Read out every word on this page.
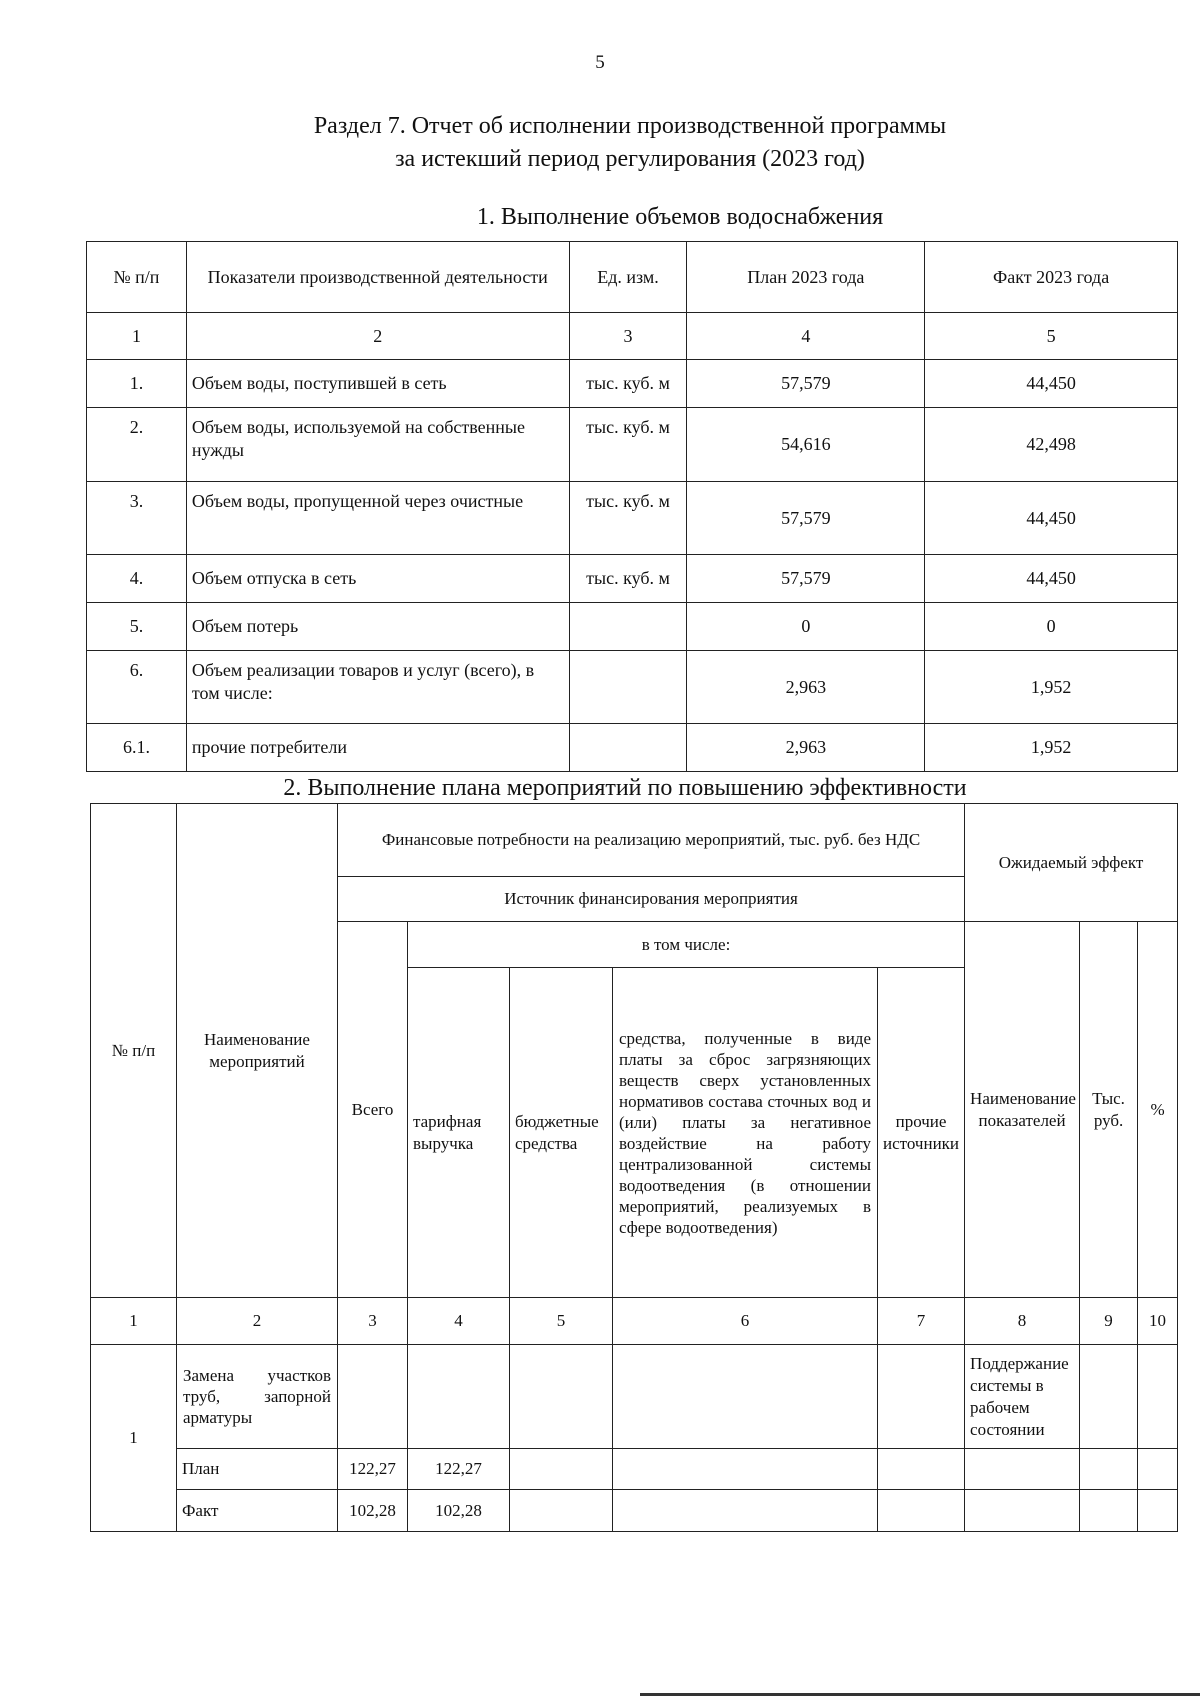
5
Раздел 7. Отчет об исполнении производственной программы
за истекший период регулирования (2023 год)
1. Выполнение объемов водоснабжения
№ п/п	Показатели производственной деятельности	Ед. изм.	План 2023 года	Факт 2023 года
1	2	3	4	5
1.	Объем воды, поступившей в сеть	тыс. куб. м	57,579	44,450
2.	Объем воды, используемой на собственные нужды	тыс. куб. м	54,616	42,498
3.	Объем воды, пропущенной через очистные	тыс. куб. м	57,579	44,450
4.	Объем отпуска в сеть	тыс. куб. м	57,579	44,450
5.	Объем потерь		0	0
6.	Объем реализации товаров и услуг (всего), в том числе:		2,963	1,952
6.1.	прочие потребители		2,963	1,952
2. Выполнение плана мероприятий по повышению эффективности
№ п/п	Наименование мероприятий	Финансовые потребности на реализацию мероприятий, тыс. руб. без НДС					Ожидаемый эффект		
		Источник финансирования мероприятия							
		Всего	в том числе:				Наименование показателей	Тыс. руб.	%
			тарифная выручка	бюджетные средства	средства, полученные в виде платы за сброс загрязняющих веществ сверх установленных нормативов состава сточных вод и (или) платы за негативное воздействие на работу централизованной системы водоотведения (в отношении мероприятий, реализуемых в сфере водоотведения)	прочие источники			
1	2	3	4	5	6	7	8	9	10
1	Замена участков труб, запорной арматуры						Поддержание системы в рабочем состоянии		
	План	122,27	122,27						
	Факт	102,28	102,28						
